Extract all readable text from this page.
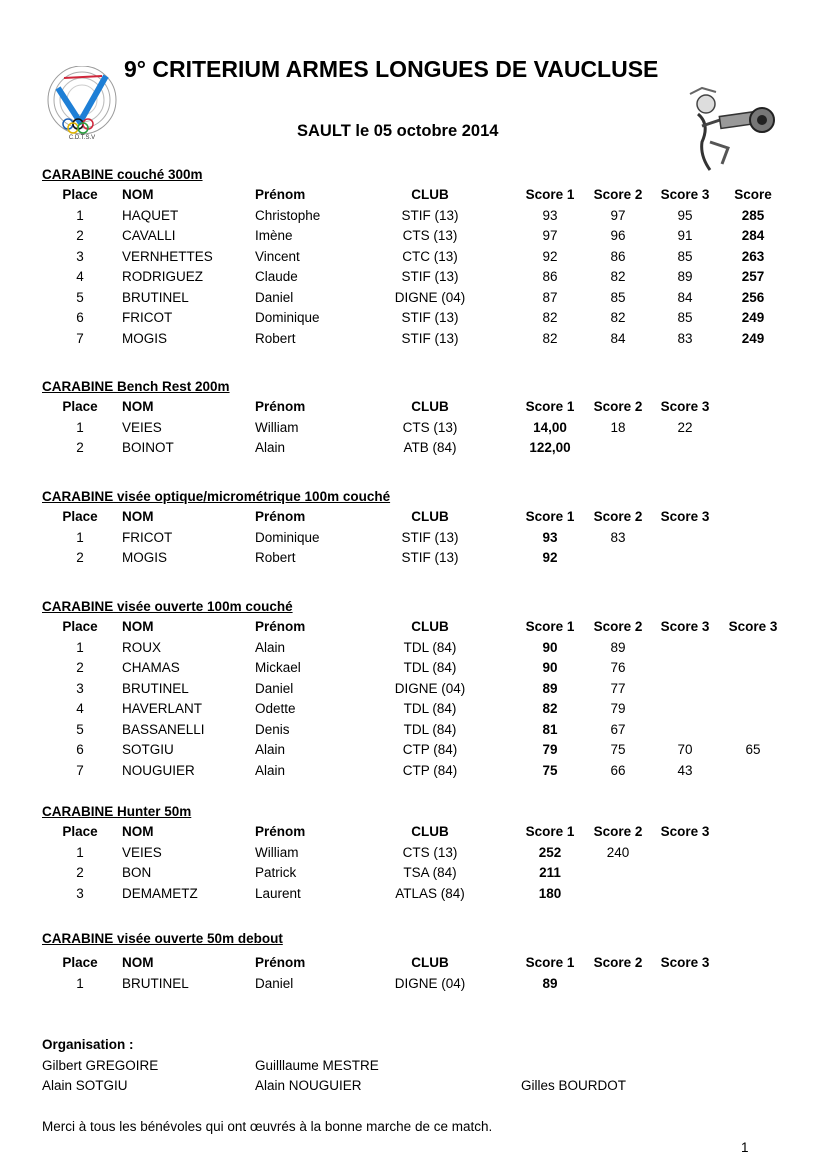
C.D.T.S.V
9° CRITERIUM ARMES LONGUES DE VAUCLUSE
SAULT le 05 octobre 2014
CARABINE couché 300m
Place NOM	Prénom	CLUB	Score 1	Score 2	Score 3	Score
1	HAQUET	Christophe	STIF (13)	93	97	95	285
2	CAVALLI	Imène	CTS (13)	97	96	91	284
3	VERNHETTES	Vincent	CTC (13)	92	86	85	263
4	RODRIGUEZ	Claude	STIF (13)	86	82	89	257
5	BRUTINEL	Daniel	DIGNE (04)	87	85	84	256
6	FRICOT	Dominique	STIF (13)	82	82	85	249
7	MOGIS	Robert	STIF (13)	82	84	83	249
CARABINE Bench Rest 200m
Place NOM	Prénom	CLUB	Score 1	Score 2	Score 3
1	VEIES	William	CTS (13)	14,00	18	22
2	BOINOT	Alain	ATB (84)	122,00
CARABINE visée optique/micrométrique 100m couché
Place NOM	Prénom	CLUB	Score 1	Score 2	Score 3
1	FRICOT	Dominique	STIF (13)	93	83
2	MOGIS	Robert	STIF (13)	92
CARABINE visée ouverte 100m couché
Place NOM	Prénom	CLUB	Score 1	Score 2	Score 3	Score 3
1	ROUX	Alain	TDL (84)	90	89
2	CHAMAS	Mickael	TDL (84)	90	76
3	BRUTINEL	Daniel	DIGNE (04)	89	77
4	HAVERLANT	Odette	TDL (84)	82	79
5	BASSANELLI	Denis	TDL (84)	81	67
6	SOTGIU	Alain	CTP (84)	79	75	70	65
7	NOUGUIER	Alain	CTP (84)	75	66	43
CARABINE Hunter 50m
Place NOM	Prénom	CLUB	Score 1	Score 2	Score 3
1	VEIES	William	CTS (13)	252	240
2	BON	Patrick	TSA (84)	211
3	DEMAMETZ	Laurent	ATLAS (84)	180
CARABINE visée ouverte 50m debout
Place NOM	Prénom	CLUB	Score 1	Score 2	Score 3
1	BRUTINEL	Daniel	DIGNE (04)	89
Organisation :
Gilbert GREGOIRE	Guilllaume MESTRE
Alain SOTGIU	Alain NOUGUIER	Gilles BOURDOT
Merci à tous les bénévoles qui ont œuvrés à la bonne marche de ce match.
1
